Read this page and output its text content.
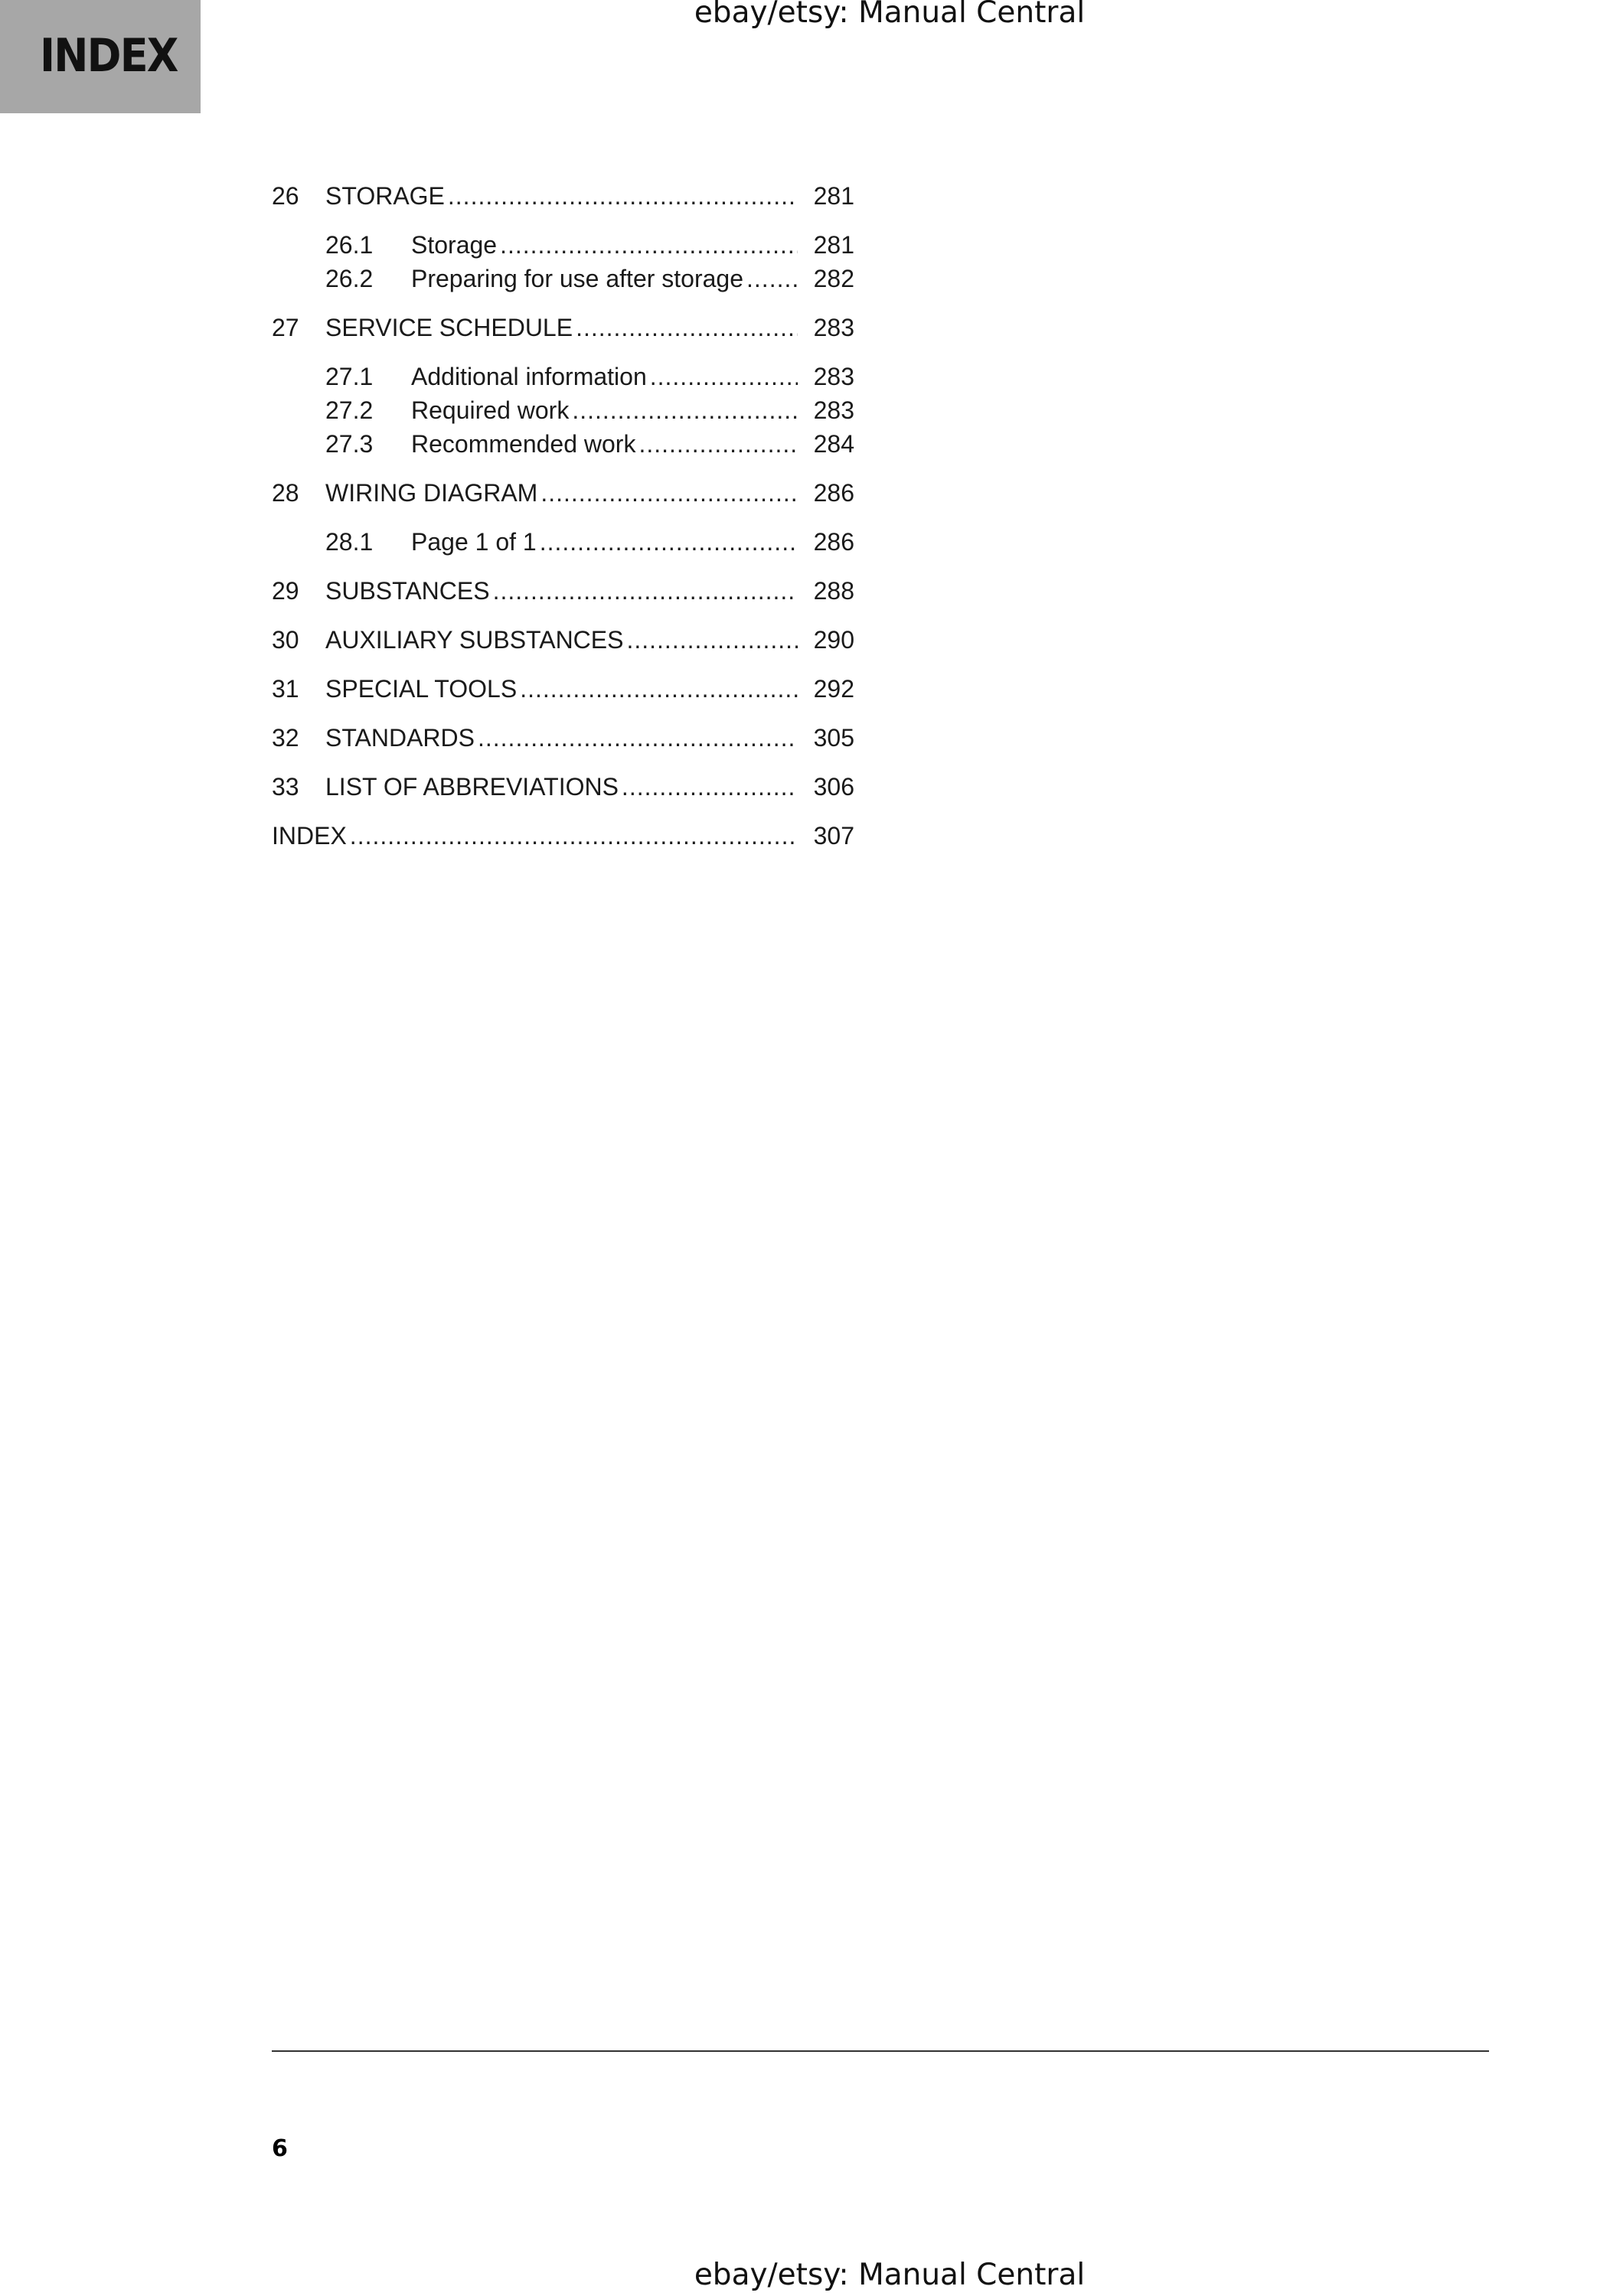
INDEX
ebay/etsy: Manual Central
26	STORAGE .....	281
26.1	Storage .....	281
26.2	Preparing for use after storage .....	282
27	SERVICE SCHEDULE .....	283
27.1	Additional information .....	283
27.2	Required work .....	283
27.3	Recommended work .....	284
28	WIRING DIAGRAM .....	286
28.1	Page 1 of 1 .....	286
29	SUBSTANCES .....	288
30	AUXILIARY SUBSTANCES .....	290
31	SPECIAL TOOLS .....	292
32	STANDARDS .....	305
33	LIST OF ABBREVIATIONS .....	306
INDEX .....	307
6
ebay/etsy: Manual Central
